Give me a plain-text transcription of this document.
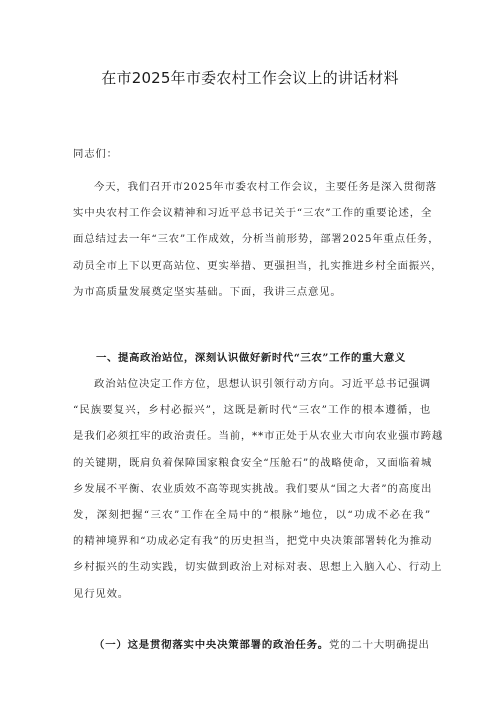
在市2025年市委农村工作会议上的讲话材料
同志们：
今天，我们召开市2025年市委农村工作会议，主要任务是深入贯彻落
实中央农村工作会议精神和习近平总书记关于“三农”工作的重要论述，全
面总结过去一年“三农”工作成效，分析当前形势，部署2025年重点任务，
动员全市上下以更高站位、更实举措、更强担当，扎实推进乡村全面振兴，
为市高质量发展奠定坚实基础。下面，我讲三点意见。
一、提高政治站位，深刻认识做好新时代“三农”工作的重大意义
政治站位决定工作方位，思想认识引领行动方向。习近平总书记强调
“民族要复兴，乡村必振兴”，这既是新时代“三农”工作的根本遵循，也
是我们必须扛牢的政治责任。当前，**市正处于从农业大市向农业强市跨越
的关键期，既肩负着保障国家粮食安全“压舱石”的战略使命，又面临着城
乡发展不平衡、农业质效不高等现实挑战。我们要从“国之大者”的高度出
发，深刻把握“三农”工作在全局中的“根脉”地位，以“功成不必在我”
的精神境界和“功成必定有我”的历史担当，把党中央决策部署转化为推动
乡村振兴的生动实践，切实做到政治上对标对表、思想上入脑入心、行动上
见行见效。
（一）这是贯彻落实中央决策部署的政治任务。党的二十大明确提出
